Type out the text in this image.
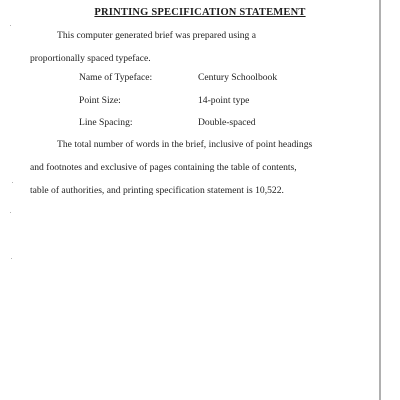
PRINTING SPECIFICATION STATEMENT
This computer generated brief was prepared using a
proportionally spaced typeface.
Name of Typeface:	Century Schoolbook
Point Size:	14-point type
Line Spacing:	Double-spaced
The total number of words in the brief, inclusive of point headings
and footnotes and exclusive of pages containing the table of contents,
table of authorities, and printing specification statement is 10,522.
